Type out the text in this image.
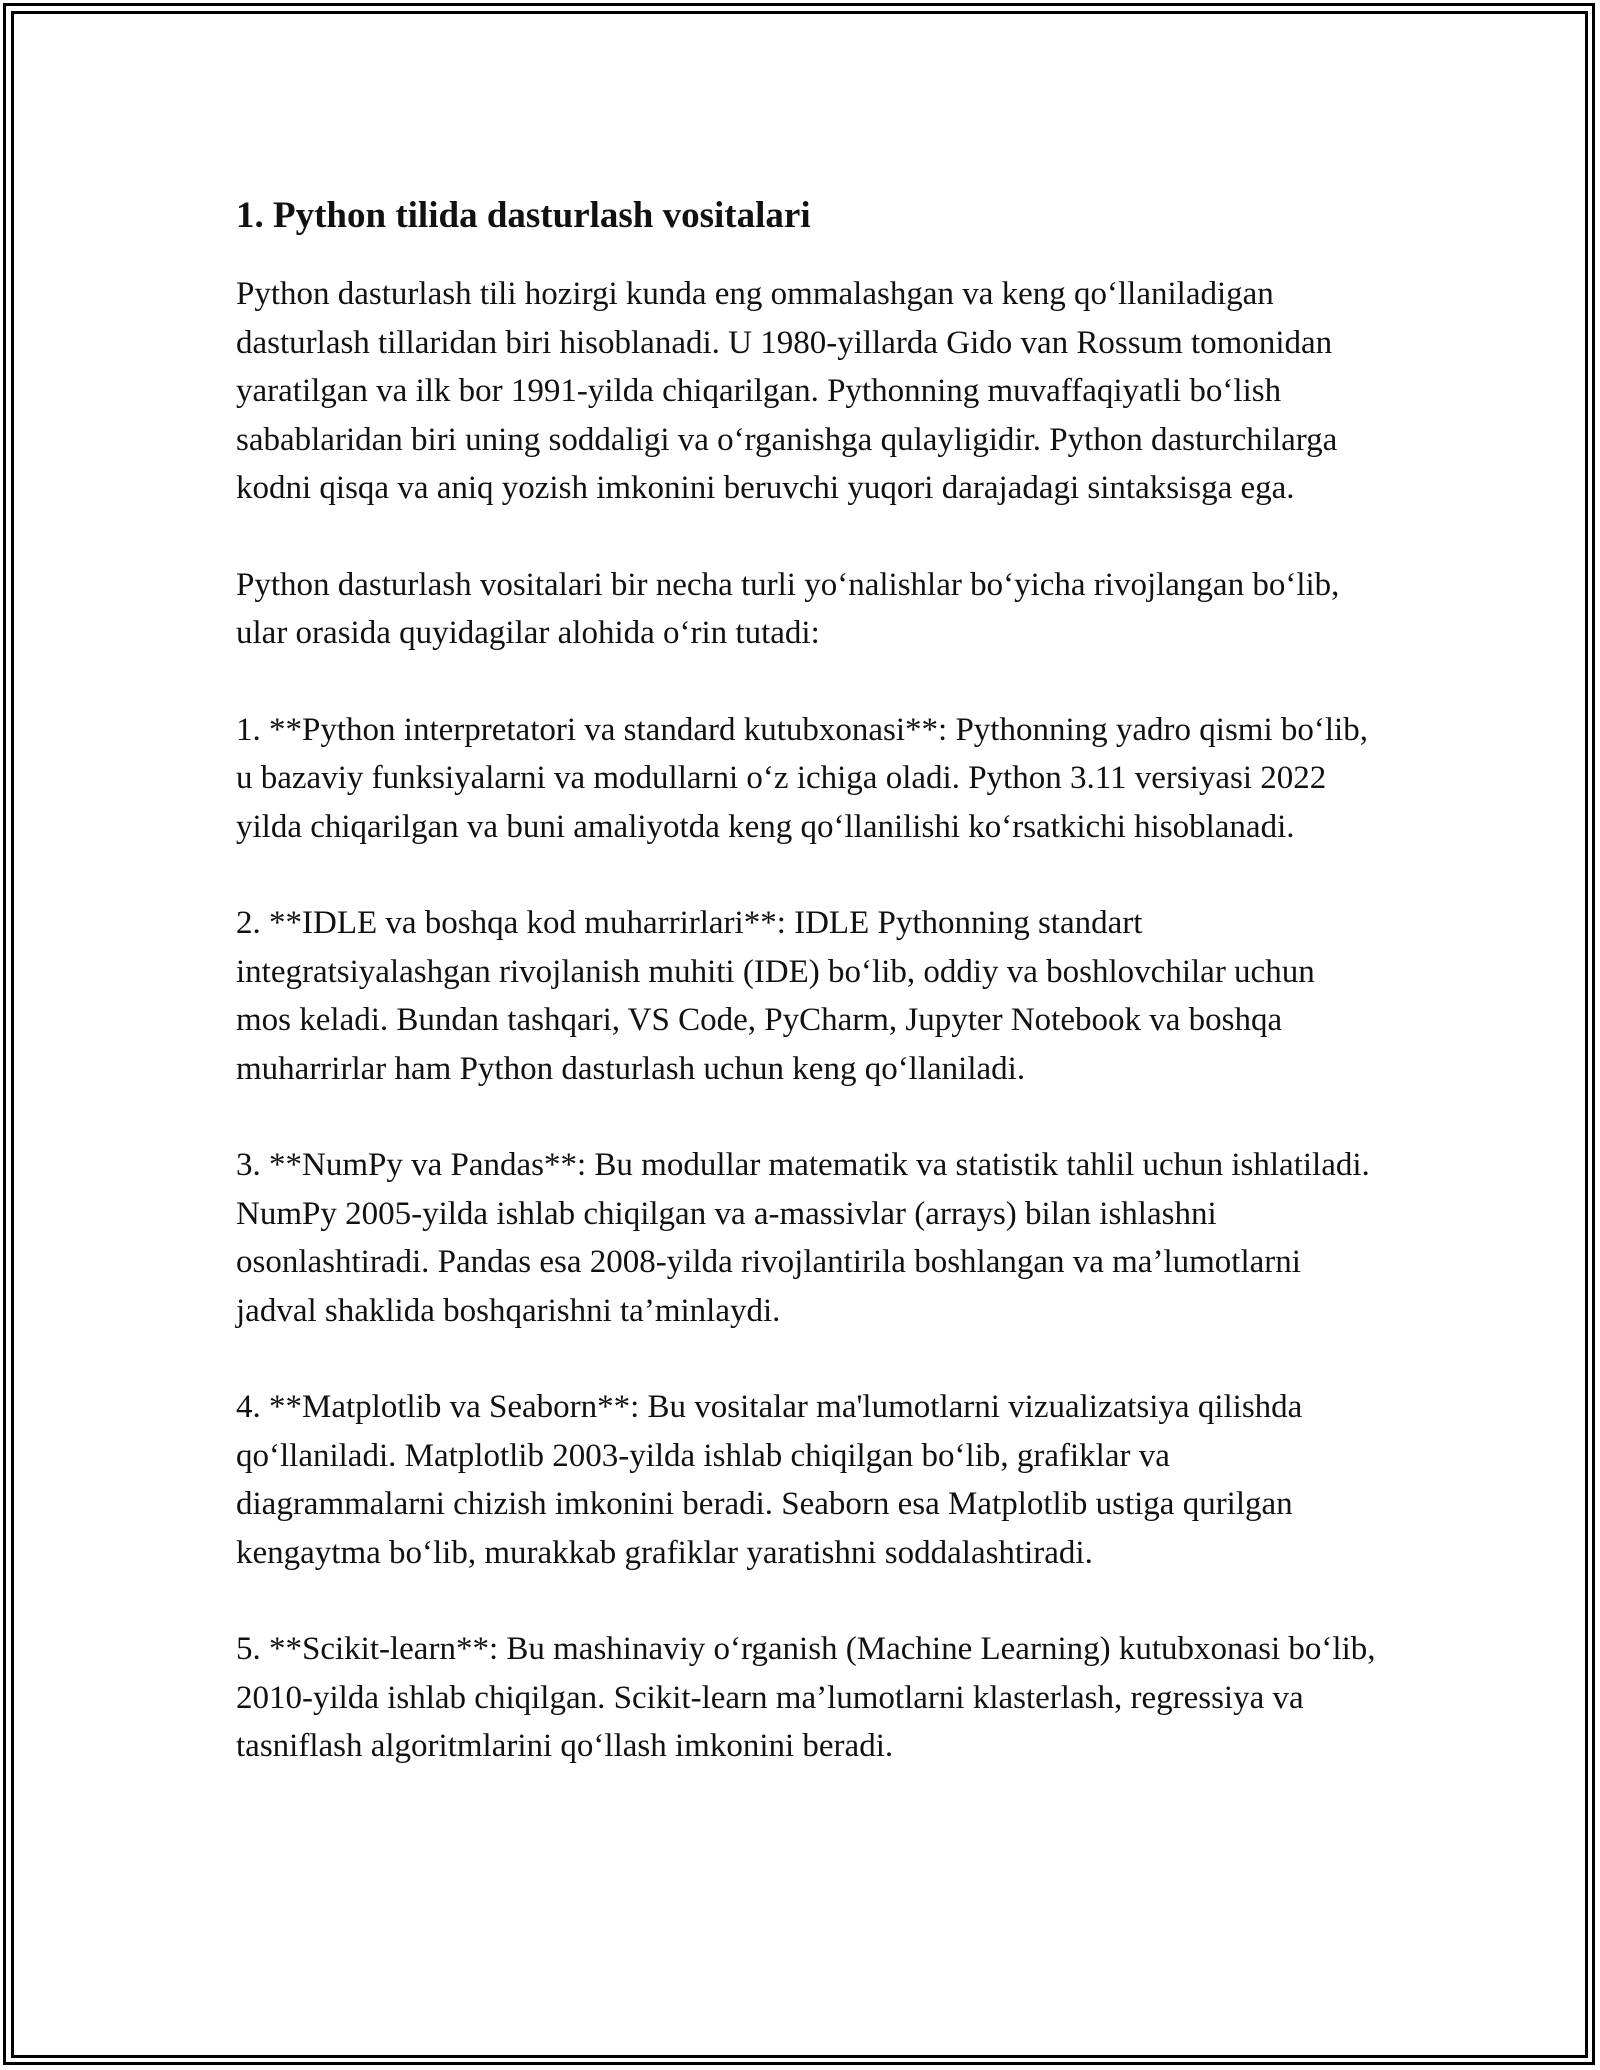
1. Python tilida dasturlash vositalari

Python dasturlash tili hozirgi kunda eng ommalashgan va keng qo‘llaniladigan dasturlash tillaridan biri hisoblanadi. U 1980-yillarda Gido van Rossum tomonidan yaratilgan va ilk bor 1991-yilda chiqarilgan. Pythonning muvaffaqiyatli bo‘lish sabablaridan biri uning soddaligi va o‘rganishga qulayligidir. Python dasturchilarga kodni qisqa va aniq yozish imkonini beruvchi yuqori darajadagi sintaksisga ega.

Python dasturlash vositalari bir necha turli yo‘nalishlar bo‘yicha rivojlangan bo‘lib, ular orasida quyidagilar alohida o‘rin tutadi:

1. **Python interpretatori va standard kutubxonasi**: Pythonning yadro qismi bo‘lib, u bazaviy funksiyalarni va modullarni o‘z ichiga oladi. Python 3.11 versiyasi 2022 yilda chiqarilgan va buni amaliyotda keng qo‘llanilishi ko‘rsatkichi hisoblanadi.

2. **IDLE va boshqa kod muharrirlari**: IDLE Pythonning standart integratsiyalashgan rivojlanish muhiti (IDE) bo‘lib, oddiy va boshlovchilar uchun mos keladi. Bundan tashqari, VS Code, PyCharm, Jupyter Notebook va boshqa muharrirlar ham Python dasturlash uchun keng qo‘llaniladi.

3. **NumPy va Pandas**: Bu modullar matematik va statistik tahlil uchun ishlatiladi. NumPy 2005-yilda ishlab chiqilgan va a-massivlar (arrays) bilan ishlashni osonlashtiradi. Pandas esa 2008-yilda rivojlantirila boshlangan va ma’lumotlarni jadval shaklida boshqarishni ta’minlaydi.

4. **Matplotlib va Seaborn**: Bu vositalar ma'lumotlarni vizualizatsiya qilishda qo‘llaniladi. Matplotlib 2003-yilda ishlab chiqilgan bo‘lib, grafiklar va diagrammalarni chizish imkonini beradi. Seaborn esa Matplotlib ustiga qurilgan kengaytma bo‘lib, murakkab grafiklar yaratishni soddalashtiradi.

5. **Scikit-learn**: Bu mashinaviy o‘rganish (Machine Learning) kutubxonasi bo‘lib, 2010-yilda ishlab chiqilgan. Scikit-learn ma’lumotlarni klasterlash, regressiya va tasniflash algoritmlarini qo‘llash imkonini beradi.
